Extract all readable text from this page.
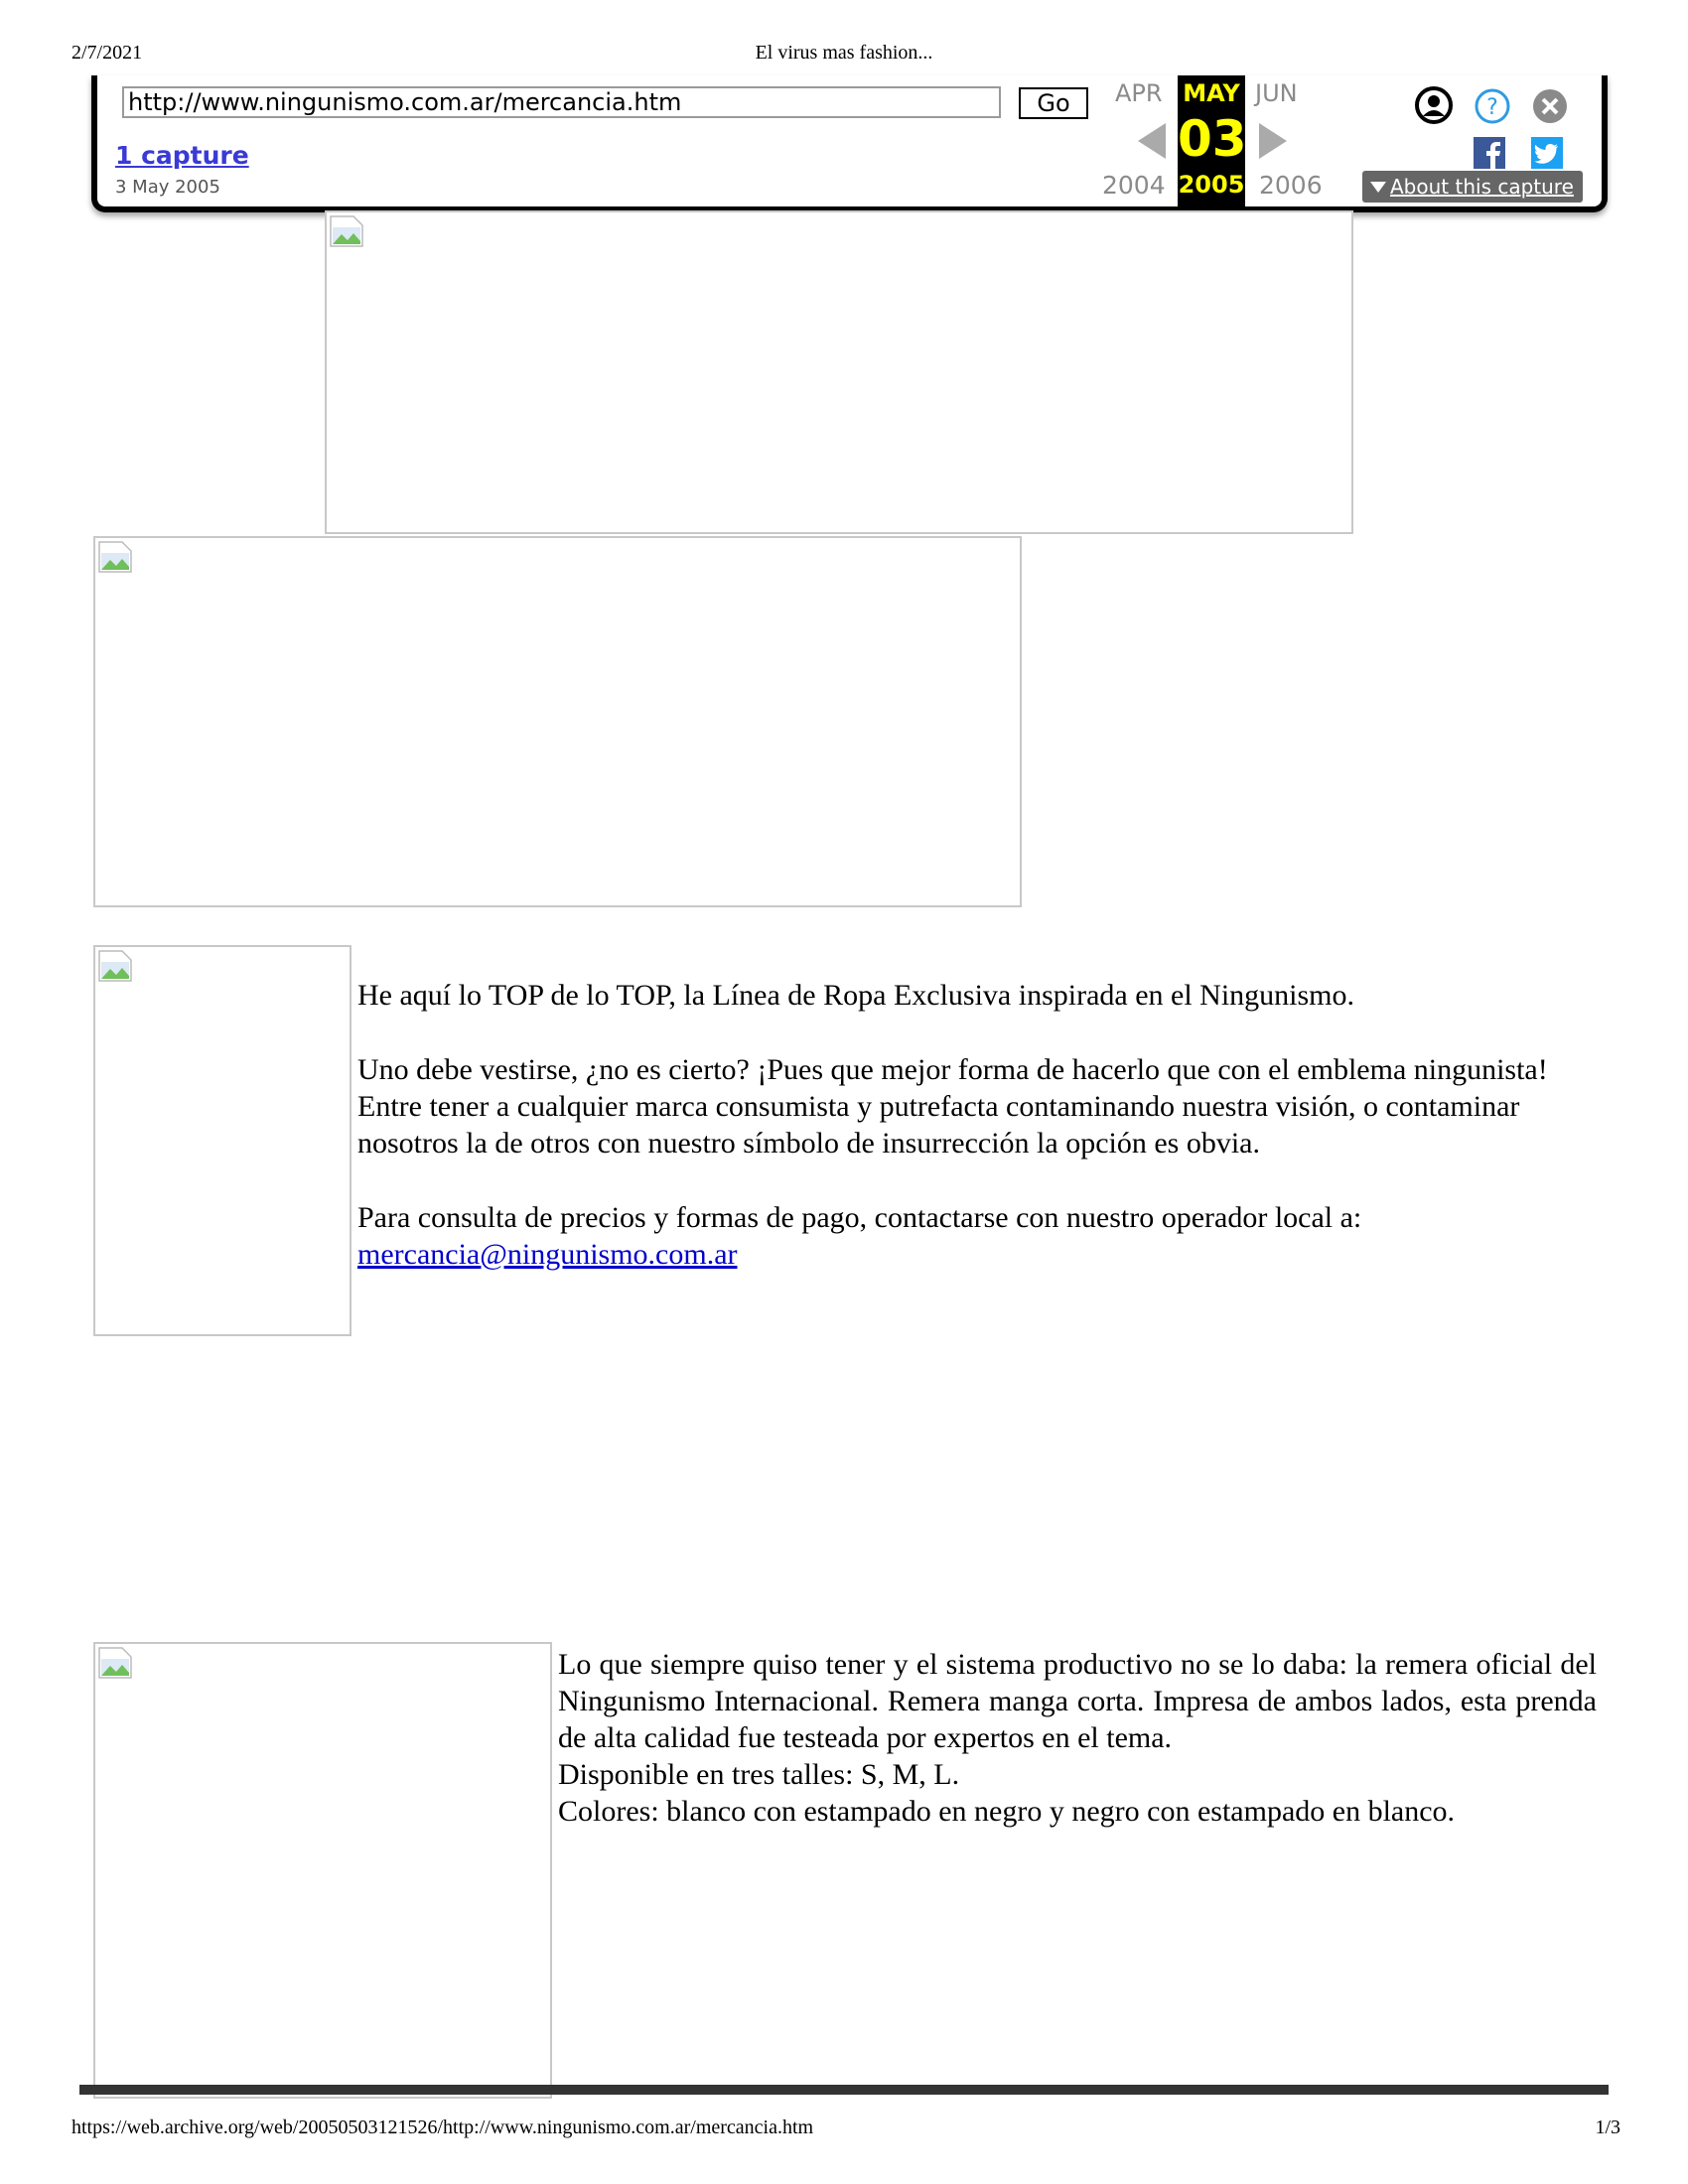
2/7/2021	El virus mas fashion...
http://www.ningunismo.com.ar/mercancia.htm
Go
1 capture
3 May 2005
APR MAY
03
2005
JUN
2004	2006
?
About this capture

He aquí lo TOP de lo TOP, la Línea de Ropa Exclusiva inspirada en el Ningunismo.

Uno debe vestirse, ¿no es cierto? ¡Pues que mejor forma de hacerlo que con el emblema ningunista!

Entre tener a cualquier marca consumista y putrefacta contaminando nuestra visión, o contaminar nosotros la de otros con nuestro símbolo de insurrección la opción es obvia.

Para consulta de precios y formas de pago, contactarse con nuestro operador local a:

mercancia@ningunismo.com.ar

Lo que siempre quiso tener y el sistema productivo no se lo daba: la remera oficial del Ningunismo Internacional. Remera manga corta. Impresa de ambos lados, esta prenda de alta calidad fue testeada por expertos en el tema.

Disponible en tres talles: S, M, L.

Colores: blanco con estampado en negro y negro con estampado en blanco.

https://web.archive.org/web/20050503121526/http://www.ningunismo.com.ar/mercancia.htm	1/3
